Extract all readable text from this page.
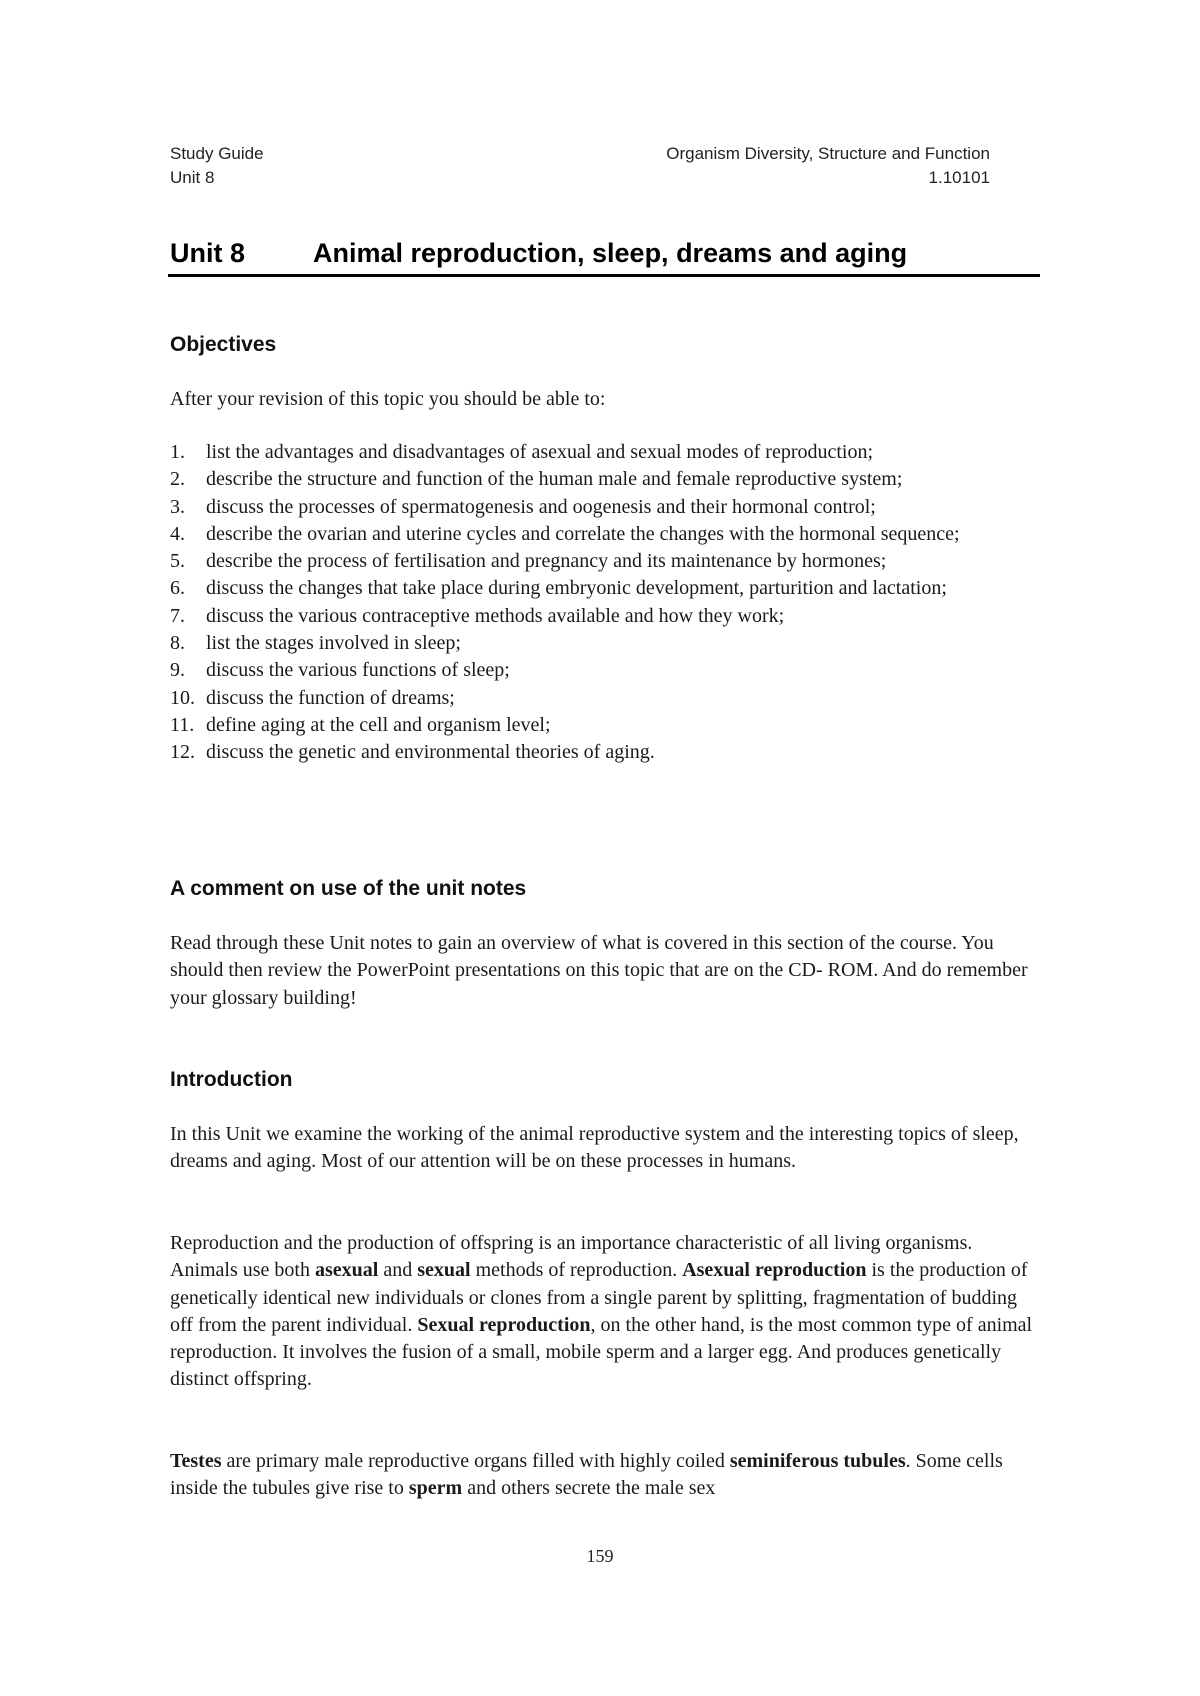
Study Guide
Unit 8
Organism Diversity, Structure and Function
1.10101
Unit 8	Animal reproduction, sleep, dreams and aging
Objectives

After your revision of this topic you should be able to:

1. list the advantages and disadvantages of asexual and sexual modes of reproduction;
2. describe the structure and function of the human male and female reproductive system;
3. discuss the processes of spermatogenesis and oogenesis and their hormonal control;
4. describe the ovarian and uterine cycles and correlate the changes with the hormonal sequence;
5. describe the process of fertilisation and pregnancy and its maintenance by hormones;
6. discuss the changes that take place during embryonic development, parturition and lactation;
7. discuss the various contraceptive methods available and how they work;
8. list the stages involved in sleep;
9. discuss the various functions of sleep;
10. discuss the function of dreams;
11. define aging at the cell and organism level;
12. discuss the genetic and environmental theories of aging.
A comment on use of the unit notes

Read through these Unit notes to gain an overview of what is covered in this section of the course. You should then review the PowerPoint presentations on this topic that are on the CD- ROM. And do remember your glossary building!

Introduction

In this Unit we examine the working of the animal reproductive system and the interesting topics of sleep, dreams and aging. Most of our attention will be on these processes in humans.

Reproduction and the production of offspring is an importance characteristic of all living organisms. Animals use both asexual and sexual methods of reproduction. Asexual reproduction is the production of genetically identical new individuals or clones from a single parent by splitting, fragmentation of budding off from the parent individual. Sexual reproduction, on the other hand, is the most common type of animal reproduction. It involves the fusion of a small, mobile sperm and a larger egg. And produces genetically distinct offspring.

Testes are primary male reproductive organs filled with highly coiled seminiferous tubules. Some cells inside the tubules give rise to sperm and others secrete the male sex

159
